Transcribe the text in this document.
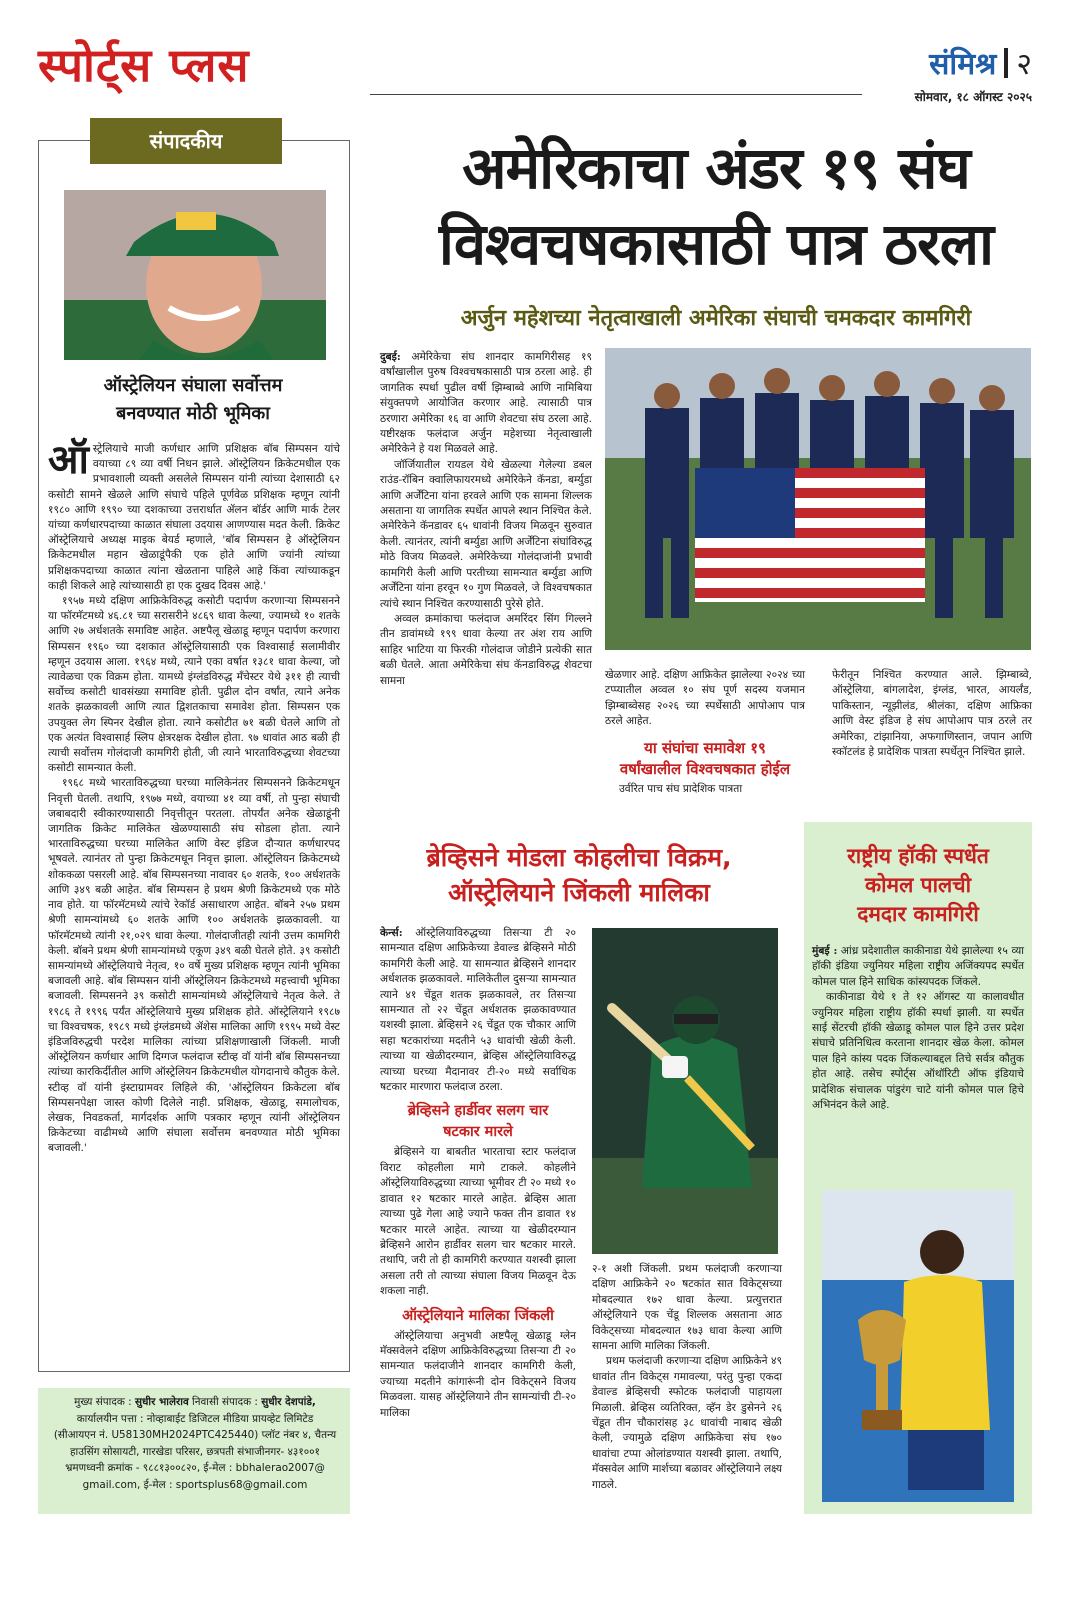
स्पोर्ट्स प्लस	संमिश्र २
सोमवार, १८ ऑगस्ट २०२५
संपादकीय
ऑस्ट्रेलियन संघाला सर्वोत्तम
बनवण्यात मोठी भूमिका

ऑस्ट्रेलियाचे माजी कर्णधार आणि प्रशिक्षक बॉब सिम्पसन यांचे वयाच्या ८९ व्या वर्षी निधन झाले. ऑस्ट्रेलियन क्रिकेटमधील एक प्रभावशाली व्यक्ती असलेले सिम्पसन यांनी त्यांच्या देशासाठी ६२ कसोटी सामने खेळले आणि संघाचे पहिले पूर्णवेळ प्रशिक्षक म्हणून त्यांनी १९८० आणि १९९० च्या दशकाच्या उत्तरार्धात ॲलन बॉर्डर आणि मार्क टेलर यांच्या कर्णधारपदाच्या काळात संघाला उदयास आणण्यास मदत केली. क्रिकेट ऑस्ट्रेलियाचे अध्यक्ष माइक बेयर्ड म्हणाले, 'बॉब सिम्पसन हे ऑस्ट्रेलियन क्रिकेटमधील महान खेळाडूंपैकी एक होते आणि ज्यांनी त्यांच्या प्रशिक्षकपदाच्या काळात त्यांना खेळताना पाहिले आहे किंवा त्यांच्याकडून काही शिकले आहे त्यांच्यासाठी हा एक दुखद दिवस आहे.'

१९५७ मध्ये दक्षिण आफ्रिकेविरुद्ध कसोटी पदार्पण करणाऱ्या सिम्पसनने या फॉरमॅटमध्ये ४६.८१ च्या सरासरीने ४८६९ धावा केल्या, ज्यामध्ये १० शतके आणि २७ अर्धशतके समाविष्ट आहेत. अष्टपैलू खेळाडू म्हणून पदार्पण करणारा सिम्पसन १९६० च्या दशकात ऑस्ट्रेलियासाठी एक विश्वासार्ह सलामीवीर म्हणून उदयास आला. १९६४ मध्ये, त्याने एका वर्षात १३८१ धावा केल्या, जो त्यावेळचा एक विक्रम होता. यामध्ये इंग्लंडविरुद्ध मँचेस्टर येथे ३११ ही त्याची सर्वोच्च कसोटी धावसंख्या समाविष्ट होती. पुढील दोन वर्षांत, त्याने अनेक शतके झळकावली आणि त्यात द्विशतकाचा समावेश होता. सिम्पसन एक उपयुक्त लेग स्पिनर देखील होता. त्याने कसोटीत ७१ बळी घेतले आणि तो एक अत्यंत विश्वासार्ह स्लिप क्षेत्ररक्षक देखील होता. ९७ धावांत आठ बळी ही त्याची सर्वोत्तम गोलंदाजी कामगिरी होती, जी त्याने भारताविरुद्धच्या शेवटच्या कसोटी सामन्यात केली.

१९६८ मध्ये भारताविरुद्धच्या घरच्या मालिकेनंतर सिम्पसनने क्रिकेटमधून निवृत्ती घेतली. तथापि, १९७७ मध्ये, वयाच्या ४१ व्या वर्षी, तो पुन्हा संघाची जबाबदारी स्वीकारण्यासाठी निवृत्तीतून परतला. तोपर्यंत अनेक खेळाडूंनी जागतिक क्रिकेट मालिकेत खेळण्यासाठी संघ सोडला होता. त्याने भारताविरुद्धच्या घरच्या मालिकेत आणि वेस्ट इंडिज दौऱ्यात कर्णधारपद भूषवले. त्यानंतर तो पुन्हा क्रिकेटमधून निवृत्त झाला. ऑस्ट्रेलियन क्रिकेटमध्ये शोककळा पसरली आहे. बॉब सिम्पसनच्या नावावर ६० शतके, १०० अर्धशतके आणि ३४९ बळी आहेत. बॉब सिम्पसन हे प्रथम श्रेणी क्रिकेटमध्ये एक मोठे नाव होते. या फॉरमॅटमध्ये त्यांचे रेकॉर्ड असाधारण आहेत. बॉबने २५७ प्रथम श्रेणी सामन्यांमध्ये ६० शतके आणि १०० अर्धशतके झळकावली. या फॉरमॅटमध्ये त्यांनी २१,०२९ धावा केल्या. गोलंदाजीतही त्यांनी उत्तम कामगिरी केली. बॉबने प्रथम श्रेणी सामन्यांमध्ये एकूण ३४९ बळी घेतले होते. ३९ कसोटी सामन्यांमध्ये ऑस्ट्रेलियाचे नेतृत्व, १० वर्षे मुख्य प्रशिक्षक म्हणून त्यांनी भूमिका बजावली आहे. बॉब सिम्पसन यांनी ऑस्ट्रेलियन क्रिकेटमध्ये महत्त्वाची भूमिका बजावली. सिम्पसनने ३९ कसोटी सामन्यांमध्ये ऑस्ट्रेलियाचे नेतृत्व केले. ते १९८६ ते १९९६ पर्यंत ऑस्ट्रेलियाचे मुख्य प्रशिक्षक होते. ऑस्ट्रेलियाने १९८७ चा विश्वचषक, १९८९ मध्ये इंग्लंडमध्ये ॲशेस मालिका आणि १९९५ मध्ये वेस्ट इंडिजविरुद्धची परदेश मालिका त्यांच्या प्रशिक्षणाखाली जिंकली. माजी ऑस्ट्रेलियन कर्णधार आणि दिग्गज फलंदाज स्टीव्ह वॉ यांनी बॉब सिम्पसनच्या त्यांच्या कारकिर्दीतील आणि ऑस्ट्रेलियन क्रिकेटमधील योगदानाचे कौतुक केले. स्टीव्ह वॉ यांनी इंस्टाग्रामवर लिहिले की, 'ऑस्ट्रेलियन क्रिकेटला बॉब सिम्पसनपेक्षा जास्त कोणी दिलेले नाही. प्रशिक्षक, खेळाडू, समालोचक, लेखक, निवडकर्ता, मार्गदर्शक आणि पत्रकार म्हणून त्यांनी ऑस्ट्रेलियन क्रिकेटच्या वाढीमध्ये आणि संघाला सर्वोत्तम बनवण्यात मोठी भूमिका बजावली.'

अमेरिकाचा अंडर १९ संघ
विश्वचषकासाठी पात्र ठरला
अर्जुन महेशच्या नेतृत्वाखाली अमेरिका संघाची चमकदार कामगिरी

दुबई: अमेरिकेचा संघ शानदार कामगिरीसह १९ वर्षांखालील पुरुष विश्वचषकासाठी पात्र ठरला आहे. ही जागतिक स्पर्धा पुढील वर्षी झिम्बाब्वे आणि नामिबिया संयुक्तपणे आयोजित करणार आहे. त्यासाठी पात्र ठरणारा अमेरिका १६ वा आणि शेवटचा संघ ठरला आहे. यष्टीरक्षक फलंदाज अर्जुन महेशच्या नेतृत्वाखाली अमेरिकेने हे यश मिळवले आहे.

जॉर्जियातील रायडल येथे खेळल्या गेलेल्या डबल राउंड-रॉबिन क्वालिफायरमध्ये अमेरिकेने कॅनडा, बर्म्युडा आणि अर्जेंटिना यांना हरवले आणि एक सामना शिल्लक असताना या जागतिक स्पर्धेत आपले स्थान निश्चित केले. अमेरिकेने कॅनडावर ६५ धावांनी विजय मिळवून सुरुवात केली. त्यानंतर, त्यांनी बर्म्युडा आणि अर्जेंटिना संघांविरुद्ध मोठे विजय मिळवले. अमेरिकेच्या गोलंदाजांनी प्रभावी कामगिरी केली आणि परतीच्या सामन्यात बर्म्युडा आणि अर्जेंटिना यांना हरवून १० गुण मिळवले, जे विश्वचषकात त्यांचे स्थान निश्चित करण्यासाठी पुरेसे होते.

अव्वल क्रमांकाचा फलंदाज अमरिंदर सिंग गिल्लने तीन डावांमध्ये १९९ धावा केल्या तर अंश राय आणि साहिर भाटिया या फिरकी गोलंदाज जोडीने प्रत्येकी सात बळी घेतले. आता अमेरिकेचा संघ कॅनडाविरुद्ध शेवटचा सामना	खेळणार आहे. दक्षिण आफ्रिकेत झालेल्या २०२४ च्या टप्प्यातील अव्वल १० संघ पूर्ण सदस्य यजमान झिम्बाब्वेसह २०२६ च्या स्पर्धेसाठी आपोआप पात्र ठरले आहेत.

या संघांचा समावेश १९
वर्षांखालील विश्वचषकात होईल

उर्वरित पाच संघ प्रादेशिक पात्रता

फेरीतून निश्चित करण्यात आले. झिम्बाब्वे, ऑस्ट्रेलिया, बांगलादेश, इंग्लंड, भारत, आयर्लंड, पाकिस्तान, न्यूझीलंड, श्रीलंका, दक्षिण आफ्रिका आणि वेस्ट इंडिज हे संघ आपोआप पात्र ठरले तर अमेरिका, टांझानिया, अफगाणिस्तान, जपान आणि स्कॉटलंड हे प्रादेशिक पात्रता स्पर्धेतून निश्चित झाले.

ब्रेव्हिसने मोडला कोहलीचा विक्रम,
ऑस्ट्रेलियाने जिंकली मालिका

केर्न्स: ऑस्ट्रेलियाविरुद्धच्या तिसऱ्या टी २० सामन्यात दक्षिण आफ्रिकेच्या डेवाल्ड ब्रेव्हिसने मोठी कामगिरी केली आहे. या सामन्यात ब्रेव्हिसने शानदार अर्धशतक झळकावले. मालिकेतील दुसऱ्या सामन्यात त्याने ४१ चेंडूत शतक झळकावले, तर तिसऱ्या सामन्यात तो २२ चेंडूत अर्धशतक झळकावण्यात यशस्वी झाला. ब्रेव्हिसने २६ चेंडूत एक चौकार आणि सहा षटकारांच्या मदतीने ५३ धावांची खेळी केली. त्याच्या या खेळीदरम्यान, ब्रेव्हिस ऑस्ट्रेलियाविरुद्ध त्याच्या घरच्या मैदानावर टी-२० मध्ये सर्वाधिक षटकार मारणारा फलंदाज ठरला.

ब्रेव्हिसने हार्डीवर सलग चार
षटकार मारले

ब्रेव्हिसने या बाबतीत भारताचा स्टार फलंदाज विराट कोहलीला मागे टाकले. कोहलीने ऑस्ट्रेलियाविरुद्धच्या त्याच्या भूमीवर टी २० मध्ये १० डावात १२ षटकार मारले आहेत. ब्रेव्हिस आता त्याच्या पुढे गेला आहे ज्याने फक्त तीन डावात १४ षटकार मारले आहेत. त्याच्या या खेळीदरम्यान ब्रेव्हिसने आरोन हार्डीवर सलग चार षटकार मारले. तथापि, जरी तो ही कामगिरी करण्यात यशस्वी झाला असला तरी तो त्याच्या संघाला विजय मिळवून देऊ शकला नाही.

ऑस्ट्रेलियाने मालिका जिंकली

ऑस्ट्रेलियाचा अनुभवी अष्टपैलू खेळाडू ग्लेन मॅक्सवेलने दक्षिण आफ्रिकेविरुद्धच्या तिसऱ्या टी २० सामन्यात फलंदाजीने शानदार कामगिरी केली, ज्याच्या मदतीने कांगारूंनी दोन विकेट्सने विजय मिळवला. यासह ऑस्ट्रेलियाने तीन सामन्यांची टी-२० मालिका

२-१ अशी जिंकली. प्रथम फलंदाजी करणाऱ्या दक्षिण आफ्रिकेने २० षटकांत सात विकेट्सच्या मोबदल्यात १७२ धावा केल्या. प्रत्युत्तरात ऑस्ट्रेलियाने एक चेंडू शिल्लक असताना आठ विकेट्सच्या मोबदल्यात १७३ धावा केल्या आणि सामना आणि मालिका जिंकली.

प्रथम फलंदाजी करणाऱ्या दक्षिण आफ्रिकेने ४९ धावांत तीन विकेट्स गमावल्या, परंतु पुन्हा एकदा डेवाल्ड ब्रेव्हिसची स्फोटक फलंदाजी पाहायला मिळाली. ब्रेव्हिस व्यतिरिक्त, व्हॅन डेर डुसेनने २६ चेंडूत तीन चौकारांसह ३८ धावांची नाबाद खेळी केली, ज्यामुळे दक्षिण आफ्रिकेचा संघ १७० धावांचा टप्पा ओलांडण्यात यशस्वी झाला. तथापि, मॅक्सवेल आणि मार्शच्या बळावर ऑस्ट्रेलियाने लक्ष्य गाठले.

राष्ट्रीय हॉकी स्पर्धेत
कोमल पालची
दमदार कामगिरी

मुंबई : आंध्र प्रदेशातील काकीनाडा येथे झालेल्या १५ व्या हॉकी इंडिया ज्युनियर महिला राष्ट्रीय अजिंक्यपद स्पर्धेत कोमल पाल हिने साधिक कांस्यपदक जिंकले.

काकीनाडा येथे १ ते १२ ऑगस्ट या कालावधीत ज्युनियर महिला राष्ट्रीय हॉकी स्पर्धा झाली. या स्पर्धेत साई सेंटरची हॉकी खेळाडू कोमल पाल हिने उत्तर प्रदेश संघाचे प्रतिनिधित्व करताना शानदार खेळ केला. कोमल पाल हिने कांस्य पदक जिंकल्याबद्दल तिचे सर्वत्र कौतुक होत आहे. तसेच स्पोर्ट्स ऑथॉरिटी ऑफ इंडियाचे प्रादेशिक संचालक पांडुरंग चाटे यांनी कोमल पाल हिचे अभिनंदन केले आहे.

मुख्य संपादक : सुधीर भालेराव निवासी संपादक : सुधीर देशपांडे,
कार्यालयीन पत्ता : नोव्हाबाईट डिजिटल मीडिया प्रायव्हेट लिमिटेड
(सीआयएन नं. U58130MH2024PTC425440) प्लॉट नंबर ४, चैतन्य
हाउसिंग सोसायटी, गारखेडा परिसर, छत्रपती संभाजीनगर- ४३१००१
भ्रमणध्वनी क्रमांक - ९८८१३००८२०, ई-मेल : bbhalerao2007@
gmail.com, ई-मेल : sportsplus68@gmail.com
